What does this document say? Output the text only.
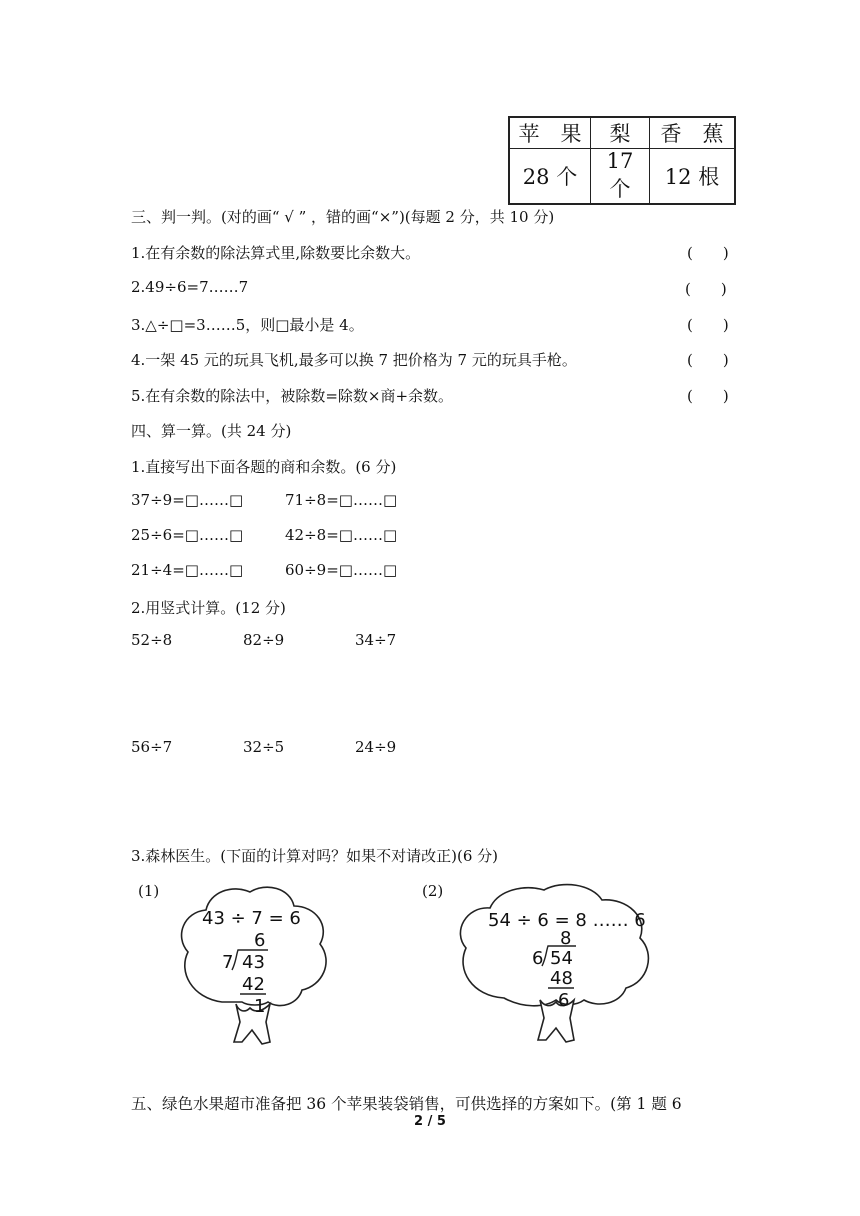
苹　果	梨	香　蕉
28 个	17 个	12 根
三、判一判。(对的画“ √ ” ，错的画“×”)(每题 2 分，共 10 分)
1.在有余数的除法算式里,除数要比余数大。	(　　)
2.49÷6=7……7	(　　)
3.△÷□=3……5，则□最小是 4。	(　　)
4.一架 45 元的玩具飞机,最多可以换 7 把价格为 7 元的玩具手枪。	(　　)
5.在有余数的除法中，被除数=除数×商+余数。	(　　)
四、算一算。(共 24 分)
1.直接写出下面各题的商和余数。(6 分)
37÷9=□……□	71÷8=□……□
25÷6=□……□	42÷8=□……□
21÷4=□……□	60÷9=□……□
2.用竖式计算。(12 分)
52÷8	82÷9	34÷7
56÷7	32÷5	24÷9
3.森林医生。(下面的计算对吗？如果不对请改正)(6 分)
(1)
43 ÷ 7 = 6
6
7 43
42
1
(2)
54 ÷ 6 = 8 …… 6
8
6 54
48
6
五、绿色水果超市准备把 36 个苹果装袋销售，可供选择的方案如下。(第 1 题 6
2 / 5
